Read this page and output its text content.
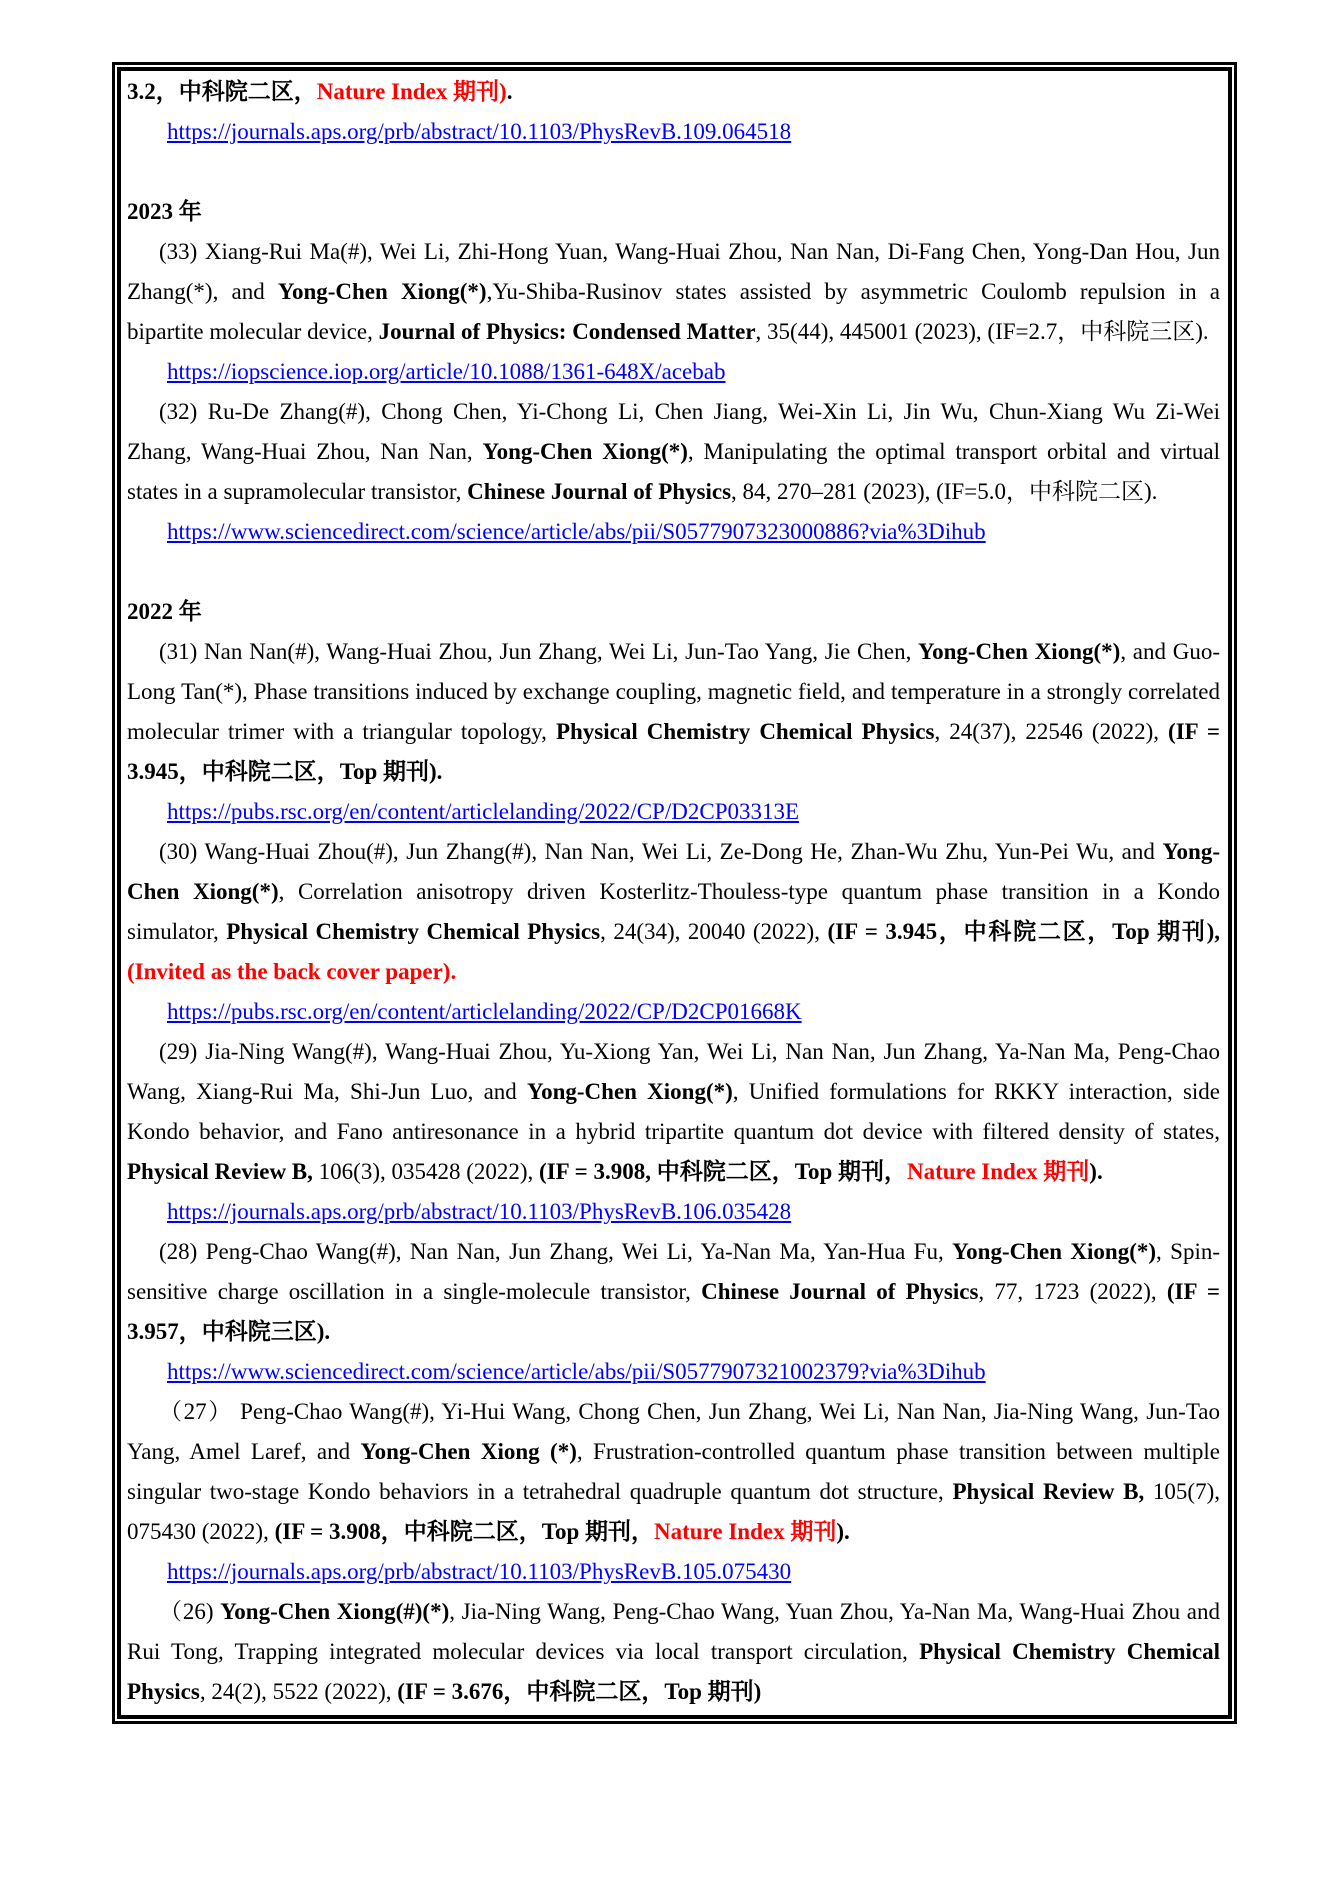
3.2，中科院二区，Nature Index 期刊).

https://journals.aps.org/prb/abstract/10.1103/PhysRevB.109.064518

2023 年

(33) Xiang-Rui Ma(#), Wei Li, Zhi-Hong Yuan, Wang-Huai Zhou, Nan Nan, Di-Fang Chen, Yong-Dan Hou, Jun Zhang(*), and Yong-Chen Xiong(*),Yu-Shiba-Rusinov states assisted by asymmetric Coulomb repulsion in a bipartite molecular device, Journal of Physics: Condensed Matter, 35(44), 445001 (2023), (IF=2.7，中科院三区).

https://iopscience.iop.org/article/10.1088/1361-648X/acebab

(32) Ru-De Zhang(#), Chong Chen, Yi-Chong Li, Chen Jiang, Wei-Xin Li, Jin Wu, Chun-Xiang Wu Zi-Wei Zhang, Wang-Huai Zhou, Nan Nan, Yong-Chen Xiong(*), Manipulating the optimal transport orbital and virtual states in a supramolecular transistor, Chinese Journal of Physics, 84, 270–281 (2023), (IF=5.0，中科院二区).

https://www.sciencedirect.com/science/article/abs/pii/S0577907323000886?via%3Dihub

2022 年

(31) Nan Nan(#), Wang-Huai Zhou, Jun Zhang, Wei Li, Jun-Tao Yang, Jie Chen, Yong-Chen Xiong(*), and Guo-Long Tan(*), Phase transitions induced by exchange coupling, magnetic field, and temperature in a strongly correlated molecular trimer with a triangular topology, Physical Chemistry Chemical Physics, 24(37), 22546 (2022), (IF = 3.945，中科院二区，Top 期刊).

https://pubs.rsc.org/en/content/articlelanding/2022/CP/D2CP03313E

(30) Wang-Huai Zhou(#), Jun Zhang(#), Nan Nan, Wei Li, Ze-Dong He, Zhan-Wu Zhu, Yun-Pei Wu, and Yong-Chen Xiong(*), Correlation anisotropy driven Kosterlitz-Thouless-type quantum phase transition in a Kondo simulator, Physical Chemistry Chemical Physics, 24(34), 20040 (2022), (IF = 3.945，中科院二区，Top 期刊), (Invited as the back cover paper).

https://pubs.rsc.org/en/content/articlelanding/2022/CP/D2CP01668K

(29) Jia-Ning Wang(#), Wang-Huai Zhou, Yu-Xiong Yan, Wei Li, Nan Nan, Jun Zhang, Ya-Nan Ma, Peng-Chao Wang, Xiang-Rui Ma, Shi-Jun Luo, and Yong-Chen Xiong(*), Unified formulations for RKKY interaction, side Kondo behavior, and Fano antiresonance in a hybrid tripartite quantum dot device with filtered density of states, Physical Review B, 106(3), 035428 (2022), (IF = 3.908, 中科院二区，Top 期刊，Nature Index 期刊).

https://journals.aps.org/prb/abstract/10.1103/PhysRevB.106.035428

(28) Peng-Chao Wang(#), Nan Nan, Jun Zhang, Wei Li, Ya-Nan Ma, Yan-Hua Fu, Yong-Chen Xiong(*), Spin-sensitive charge oscillation in a single-molecule transistor, Chinese Journal of Physics, 77, 1723 (2022), (IF = 3.957，中科院三区).

https://www.sciencedirect.com/science/article/abs/pii/S0577907321002379?via%3Dihub

（27） Peng-Chao Wang(#), Yi-Hui Wang, Chong Chen, Jun Zhang, Wei Li, Nan Nan, Jia-Ning Wang, Jun-Tao Yang, Amel Laref, and Yong-Chen Xiong (*), Frustration-controlled quantum phase transition between multiple singular two-stage Kondo behaviors in a tetrahedral quadruple quantum dot structure, Physical Review B, 105(7), 075430 (2022), (IF = 3.908，中科院二区，Top 期刊，Nature Index 期刊).

https://journals.aps.org/prb/abstract/10.1103/PhysRevB.105.075430

（26) Yong-Chen Xiong(#)(*), Jia-Ning Wang, Peng-Chao Wang, Yuan Zhou, Ya-Nan Ma, Wang-Huai Zhou and Rui Tong, Trapping integrated molecular devices via local transport circulation, Physical Chemistry Chemical Physics, 24(2), 5522 (2022), (IF = 3.676，中科院二区，Top 期刊)
